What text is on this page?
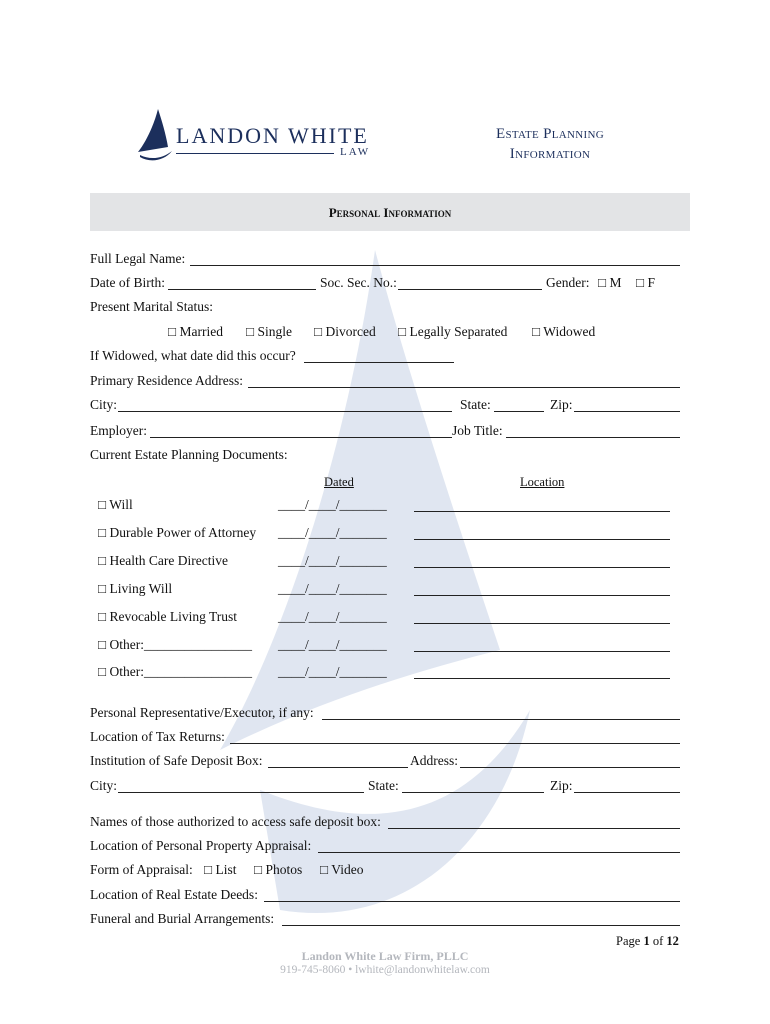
LANDON WHITE
LAW
Estate Planning
Information
Personal Information
Full Legal Name:
Date of Birth:	Soc. Sec. No.:	Gender: □ M □ F
Present Marital Status:
□ Married □ Single □ Divorced □ Legally Separated □ Widowed
If Widowed, what date did this occur?
Primary Residence Address:
City:	State:	Zip:
Employer:	Job Title:
Current Estate Planning Documents:
Dated	Location
□ Will	____/____/_______
□ Durable Power of Attorney ____/____/_______
□ Health Care Directive	____/____/_______
□ Living Will	____/____/_______
□ Revocable Living Trust	____/____/_______
□ Other:________________ ____/____/_______
□ Other:________________ ____/____/_______
Personal Representative/Executor, if any:
Location of Tax Returns:
Institution of Safe Deposit Box:	Address:
City:	State:	Zip:
Names of those authorized to access safe deposit box:
Location of Personal Property Appraisal:
Form of Appraisal: □ List □ Photos □ Video
Location of Real Estate Deeds:
Funeral and Burial Arrangements:
Page 1 of 12
Landon White Law Firm, PLLC
919-745-8060 • lwhite@landonwhitelaw.com
